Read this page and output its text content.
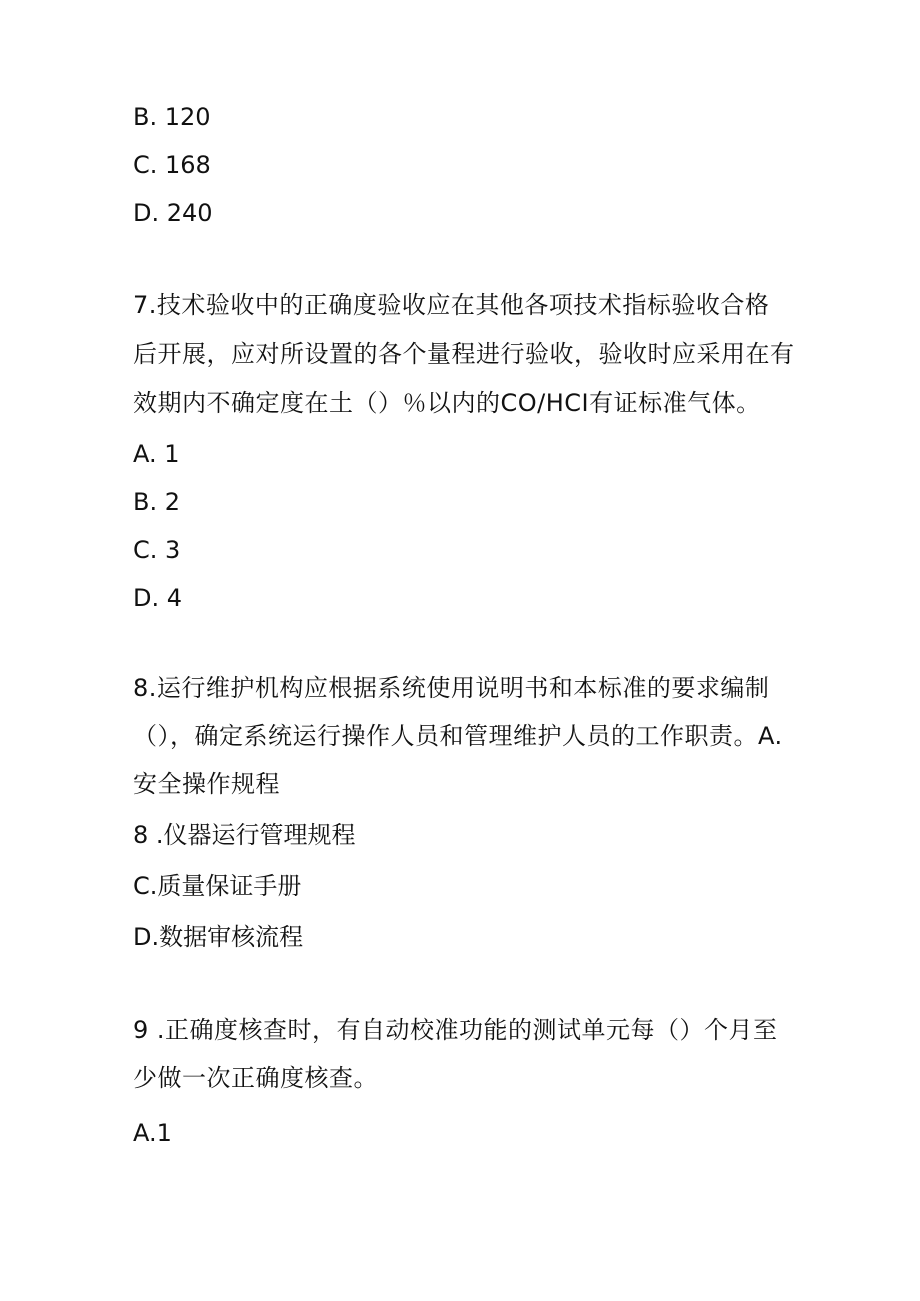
B. 120
C. 168
D. 240
7.技术验收中的正确度验收应在其他各项技术指标验收合格
后开展，应对所设置的各个量程进行验收，验收时应采用在有
效期内不确定度在土（）％以内的CO/HCI有证标准气体。
A. 1
B. 2
C. 3
D. 4
8.运行维护机构应根据系统使用说明书和本标准的要求编制
（），确定系统运行操作人员和管理维护人员的工作职责。A.
安全操作规程
8 .仪器运行管理规程
C.质量保证手册
D.数据审核流程
9 .正确度核查时，有自动校准功能的测试单元每（）个月至
少做一次正确度核查。
A.1
